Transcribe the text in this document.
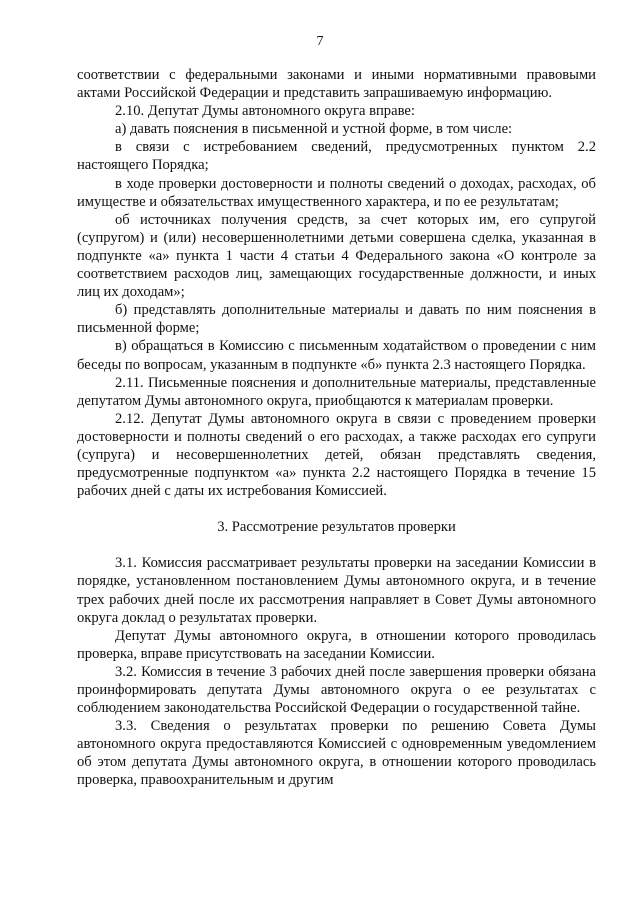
7

соответствии с федеральными законами и иными нормативными правовыми актами Российской Федерации и представить запрашиваемую информацию.

2.10. Депутат Думы автономного округа вправе:

а) давать пояснения в письменной и устной форме, в том числе:

в связи с истребованием сведений, предусмотренных пунктом 2.2 настоящего Порядка;

в ходе проверки достоверности и полноты сведений о доходах, расходах, об имуществе и обязательствах имущественного характера, и по ее результатам;

об источниках получения средств, за счет которых им, его супругой (супругом) и (или) несовершеннолетними детьми совершена сделка, указанная в подпункте «а» пункта 1 части 4 статьи 4 Федерального закона «О контроле за соответствием расходов лиц, замещающих государственные должности, и иных лиц их доходам»;

б) представлять дополнительные материалы и давать по ним пояснения в письменной форме;

в) обращаться в Комиссию с письменным ходатайством о проведении с ним беседы по вопросам, указанным в подпункте «б» пункта 2.3 настоящего Порядка.

2.11. Письменные пояснения и дополнительные материалы, представленные депутатом Думы автономного округа, приобщаются к материалам проверки.

2.12. Депутат Думы автономного округа в связи с проведением проверки достоверности и полноты сведений о его расходах, а также расходах его супруги (супруга) и несовершеннолетних детей, обязан представлять сведения, предусмотренные подпунктом «а» пункта 2.2 настоящего Порядка в течение 15 рабочих дней с даты их истребования Комиссией.

3. Рассмотрение результатов проверки

3.1. Комиссия рассматривает результаты проверки на заседании Комиссии в порядке, установленном постановлением Думы автономного округа, и в течение трех рабочих дней после их рассмотрения направляет в Совет Думы автономного округа доклад о результатах проверки.

Депутат Думы автономного округа, в отношении которого проводилась проверка, вправе присутствовать на заседании Комиссии.

3.2. Комиссия в течение 3 рабочих дней после завершения проверки обязана проинформировать депутата Думы автономного округа о ее результатах с соблюдением законодательства Российской Федерации о государственной тайне.

3.3. Сведения о результатах проверки по решению Совета Думы автономного округа предоставляются Комиссией с одновременным уведомлением об этом депутата Думы автономного округа, в отношении которого проводилась проверка, правоохранительным и другим
